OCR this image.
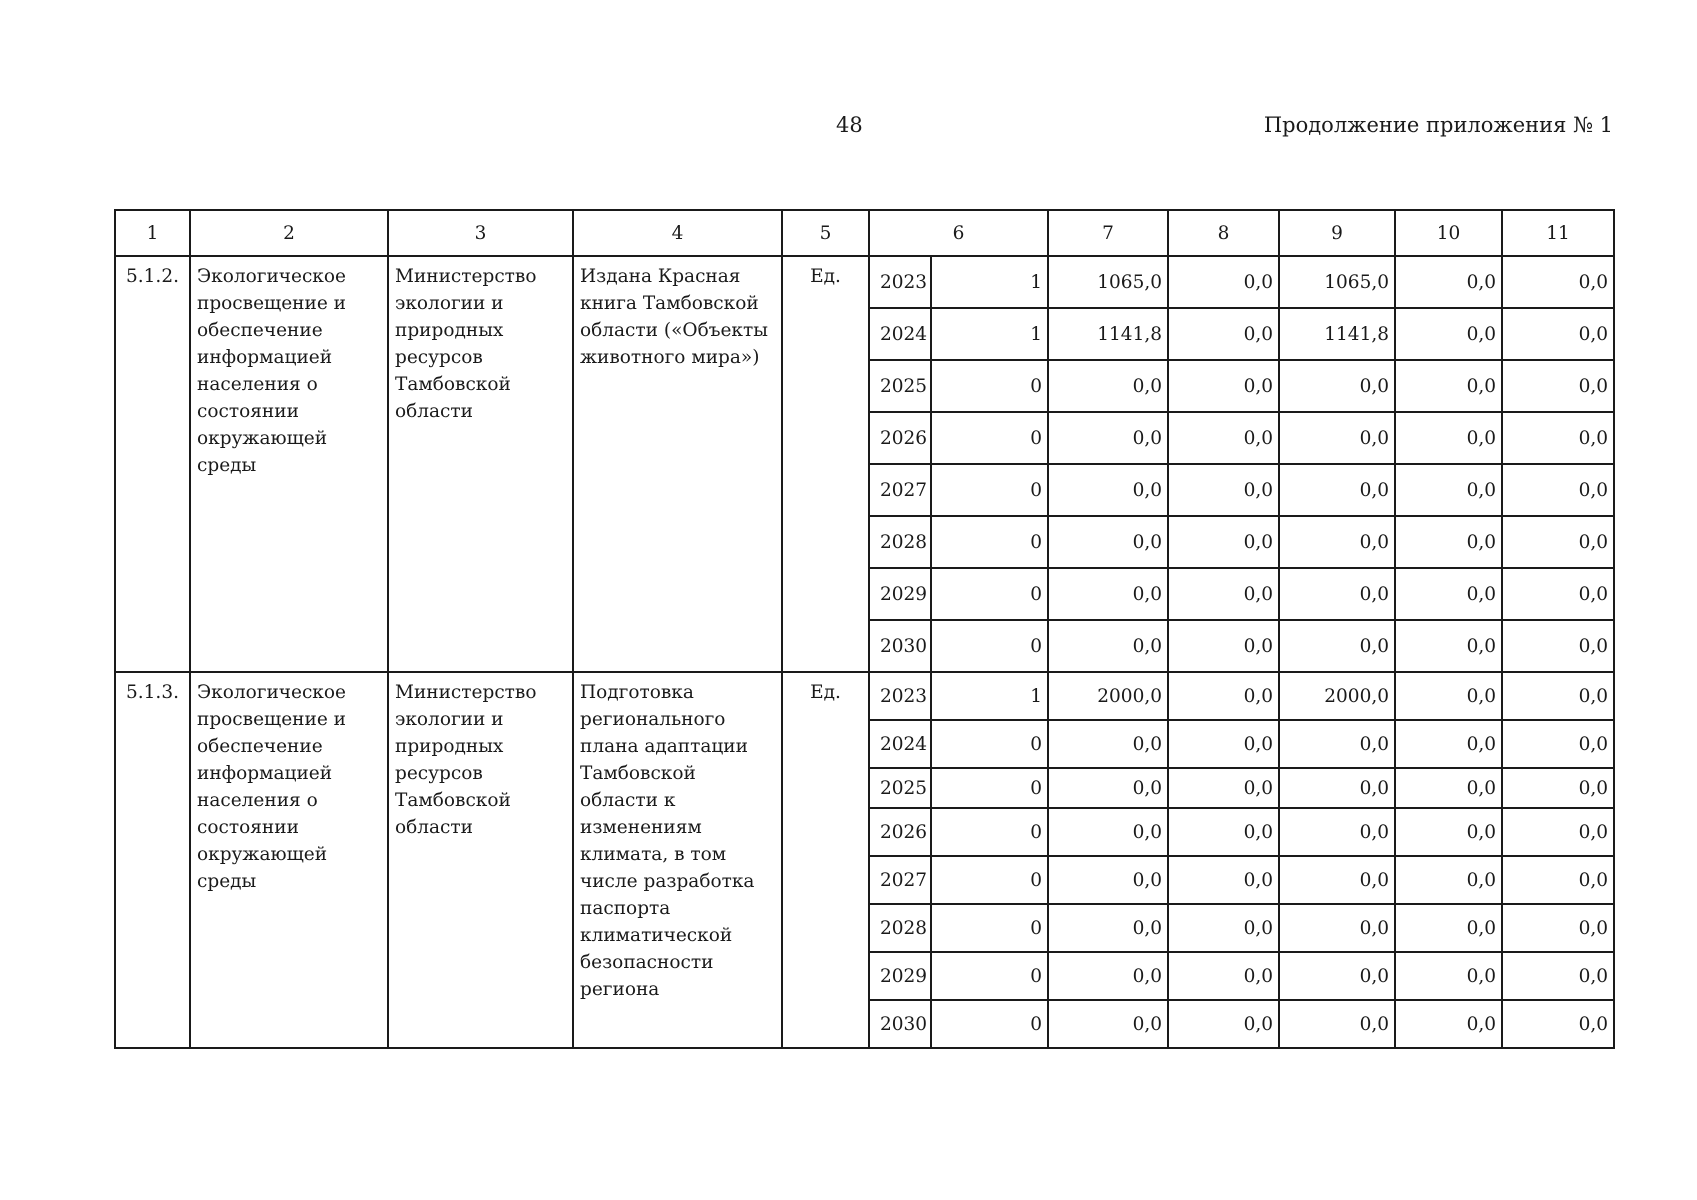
48	Продолжение приложения № 1
1	2	3	4	5	6		7	8	9	10	11
5.1.2.	Экологическое просвещение и обеспечение информацией населения о состоянии окружающей среды	Министерство экологии и природных ресурсов Тамбовской области	Издана Красная книга Тамбовской области («Объекты животного мира»)	Ед.	2023	1	1065,0	0,0	1065,0	0,0	0,0
					2024	1	1141,8	0,0	1141,8	0,0	0,0
					2025	0	0,0	0,0	0,0	0,0	0,0
					2026	0	0,0	0,0	0,0	0,0	0,0
					2027	0	0,0	0,0	0,0	0,0	0,0
					2028	0	0,0	0,0	0,0	0,0	0,0
					2029	0	0,0	0,0	0,0	0,0	0,0
					2030	0	0,0	0,0	0,0	0,0	0,0
5.1.3.	Экологическое просвещение и обеспечение информацией населения о состоянии окружающей среды	Министерство экологии и природных ресурсов Тамбовской области	Подготовка регионального плана адаптации Тамбовской области к изменениям климата, в том числе разработка паспорта климатической безопасности региона	Ед.	2023	1	2000,0	0,0	2000,0	0,0	0,0
					2024	0	0,0	0,0	0,0	0,0	0,0
					2025	0	0,0	0,0	0,0	0,0	0,0
					2026	0	0,0	0,0	0,0	0,0	0,0
					2027	0	0,0	0,0	0,0	0,0	0,0
					2028	0	0,0	0,0	0,0	0,0	0,0
					2029	0	0,0	0,0	0,0	0,0	0,0
					2030	0	0,0	0,0	0,0	0,0	0,0
